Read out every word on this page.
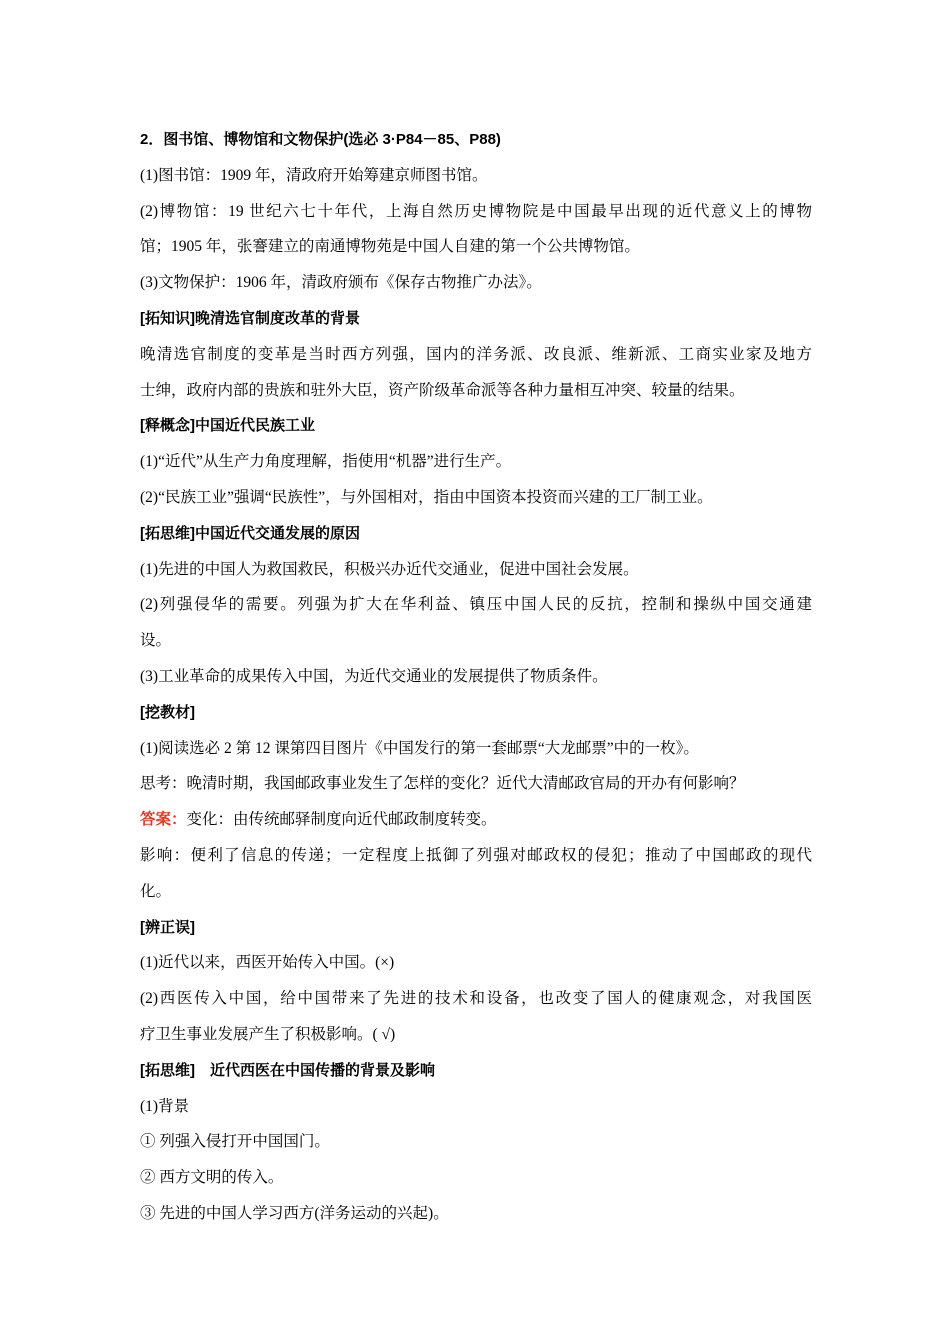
2．图书馆、博物馆和文物保护(选必 3·P84－85、P88)
(1)图书馆：1909 年，清政府开始筹建京师图书馆。
(2)博物馆：19 世纪六七十年代，上海自然历史博物院是中国最早出现的近代意义上的博物
馆；1905 年，张謇建立的南通博物苑是中国人自建的第一个公共博物馆。
(3)文物保护：1906 年，清政府颁布《保存古物推广办法》。
[拓知识]晚清选官制度改革的背景
晚清选官制度的变革是当时西方列强，国内的洋务派、改良派、维新派、工商实业家及地方
士绅，政府内部的贵族和驻外大臣，资产阶级革命派等各种力量相互冲突、较量的结果。
[释概念]中国近代民族工业
(1)“近代”从生产力角度理解，指使用“机器”进行生产。
(2)“民族工业”强调“民族性”，与外国相对，指由中国资本投资而兴建的工厂制工业。
[拓思维]中国近代交通发展的原因
(1)先进的中国人为救国救民，积极兴办近代交通业，促进中国社会发展。
(2)列强侵华的需要。列强为扩大在华利益、镇压中国人民的反抗，控制和操纵中国交通建
设。
(3)工业革命的成果传入中国，为近代交通业的发展提供了物质条件。
[挖教材]
(1)阅读选必 2 第 12 课第四目图片《中国发行的第一套邮票“大龙邮票”中的一枚》。
思考：晚清时期，我国邮政事业发生了怎样的变化？近代大清邮政官局的开办有何影响？
答案：变化：由传统邮驿制度向近代邮政制度转变。
影响：便利了信息的传递；一定程度上抵御了列强对邮政权的侵犯；推动了中国邮政的现代
化。
[辨正误]
(1)近代以来，西医开始传入中国。(×)
(2)西医传入中国，给中国带来了先进的技术和设备，也改变了国人的健康观念，对我国医
疗卫生事业发展产生了积极影响。( √)
[拓思维]　近代西医在中国传播的背景及影响
(1)背景
① 列强入侵打开中国国门。
② 西方文明的传入。
③ 先进的中国人学习西方(洋务运动的兴起)。
